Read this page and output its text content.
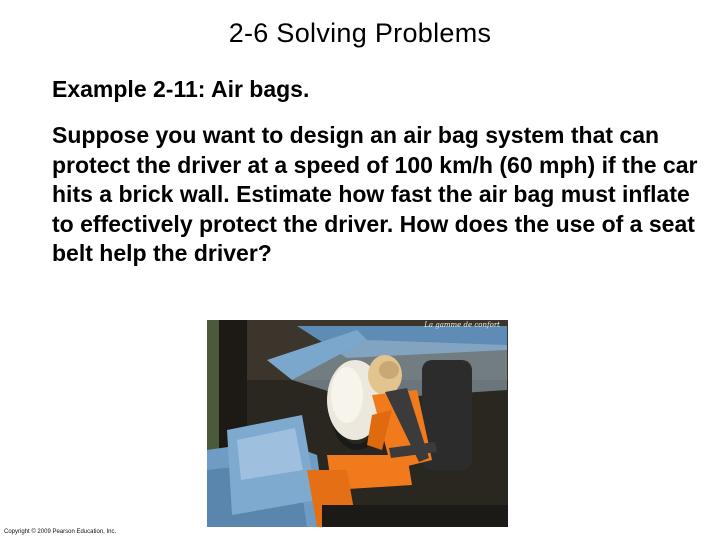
2-6 Solving Problems
Example 2-11: Air bags.

Suppose you want to design an air bag system that can protect the driver at a speed of 100 km/h (60 mph) if the car hits a brick wall. Estimate how fast the air bag must inflate to effectively protect the driver. How does the use of a seat belt help the driver?

La gamme de confort
Copyright © 2009 Pearson Education, Inc.
